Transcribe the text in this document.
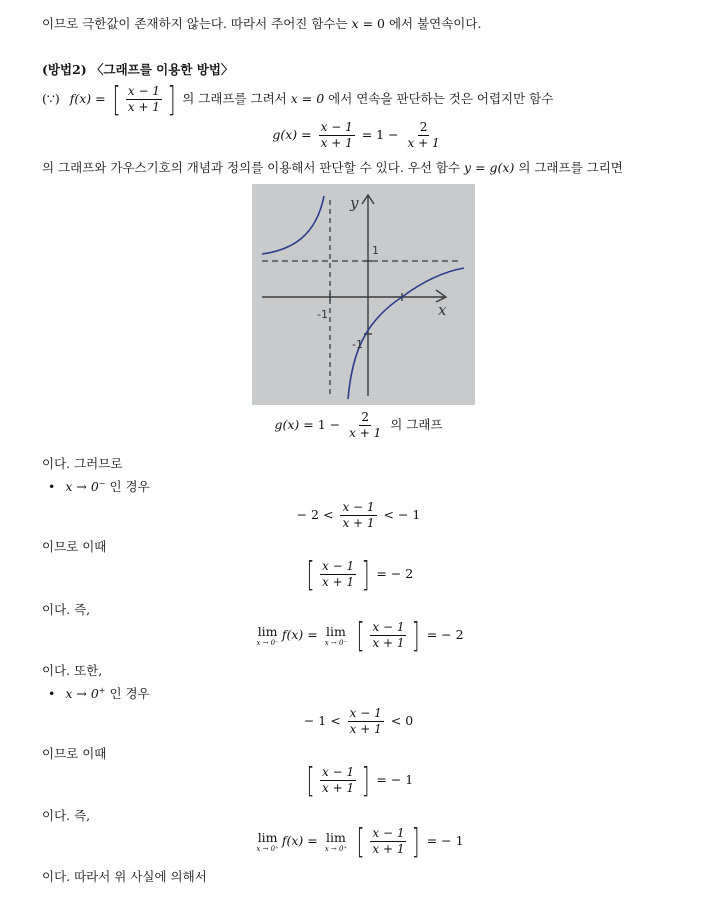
이므로 극한값이 존재하지 않는다. 따라서 주어진 함수는 x = 0 에서 불연속이다.
(방법2) 〈그래프를 이용한 방법〉
(∵) f(x) = [ $\frac{x - 1}{x + 1}$ ] 의 그래프를 그려서 x = 0 에서 연속을 판단하는 것은 어렵지만 함수
$g(x) = \frac{x - 1}{x + 1} = 1 - \frac{2}{x + 1}$
의 그래프와 가우스기호의 개념과 정의를 이용해서 판단할 수 있다. 우선 함수 y = g(x) 의 그래프를 그리면
y
x
1
-1
-1
$g(x) = 1 - \frac{2}{x + 1}$ 의 그래프
이다. 그러므로
• x → 0− 인 경우
− $2 < \frac{x - 1}{x + 1}$ < − 1
이므로 이때
[ $\frac{x - 1}{x + 1}$ ] = − 2
이다. 즉,
lim
x → 0⁻
f(x) = lim
x → 0⁻ [ $\frac{x - 1}{x + 1}$ ] = − 2
이다. 또한,
• x → 0+ 인 경우
− $1 < \frac{x - 1}{x + 1} < 0$
이므로 이때
[ $\frac{x - 1}{x + 1}$ ] = − 1
이다. 즉,
lim
x → 0⁺
f(x) = lim
x → 0⁺ [ $\frac{x - 1}{x + 1}$ ] = − 1
이다. 따라서 위 사실에 의해서
